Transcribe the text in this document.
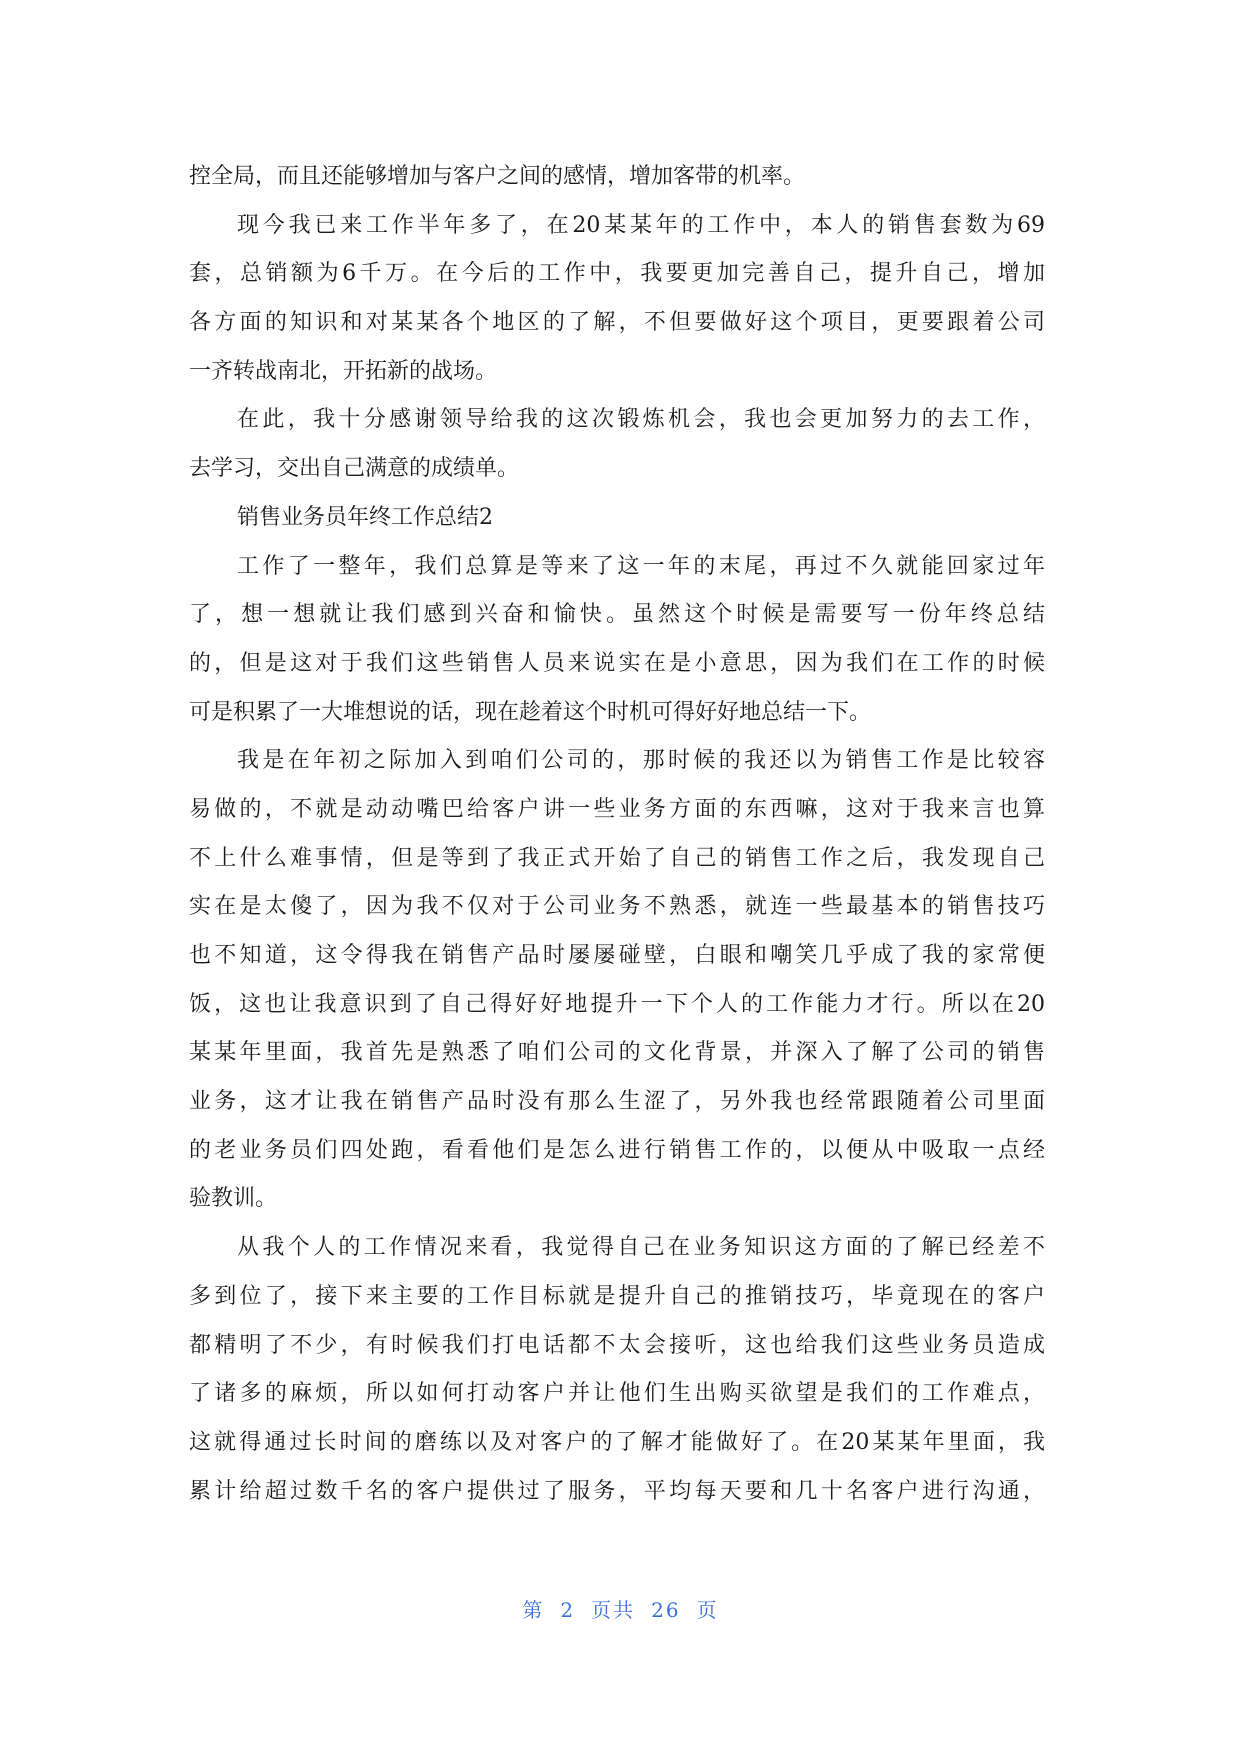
控全局，而且还能够增加与客户之间的感情，增加客带的机率。
现今我已来工作半年多了，在20某某年的工作中，本人的销售套数为69
套，总销额为6千万。在今后的工作中，我要更加完善自己，提升自己，增加
各方面的知识和对某某各个地区的了解，不但要做好这个项目，更要跟着公司
一齐转战南北，开拓新的战场。
在此，我十分感谢领导给我的这次锻炼机会，我也会更加努力的去工作，
去学习，交出自己满意的成绩单。
销售业务员年终工作总结2
工作了一整年，我们总算是等来了这一年的末尾，再过不久就能回家过年
了，想一想就让我们感到兴奋和愉快。虽然这个时候是需要写一份年终总结
的，但是这对于我们这些销售人员来说实在是小意思，因为我们在工作的时候
可是积累了一大堆想说的话，现在趁着这个时机可得好好地总结一下。
我是在年初之际加入到咱们公司的，那时候的我还以为销售工作是比较容
易做的，不就是动动嘴巴给客户讲一些业务方面的东西嘛，这对于我来言也算
不上什么难事情，但是等到了我正式开始了自己的销售工作之后，我发现自己
实在是太傻了，因为我不仅对于公司业务不熟悉，就连一些最基本的销售技巧
也不知道，这令得我在销售产品时屡屡碰壁，白眼和嘲笑几乎成了我的家常便
饭，这也让我意识到了自己得好好地提升一下个人的工作能力才行。所以在20
某某年里面，我首先是熟悉了咱们公司的文化背景，并深入了解了公司的销售
业务，这才让我在销售产品时没有那么生涩了，另外我也经常跟随着公司里面
的老业务员们四处跑，看看他们是怎么进行销售工作的，以便从中吸取一点经
验教训。
从我个人的工作情况来看，我觉得自己在业务知识这方面的了解已经差不
多到位了，接下来主要的工作目标就是提升自己的推销技巧，毕竟现在的客户
都精明了不少，有时候我们打电话都不太会接听，这也给我们这些业务员造成
了诸多的麻烦，所以如何打动客户并让他们生出购买欲望是我们的工作难点，
这就得通过长时间的磨练以及对客户的了解才能做好了。在20某某年里面，我
累计给超过数千名的客户提供过了服务，平均每天要和几十名客户进行沟通，
第 2 页共 26 页
